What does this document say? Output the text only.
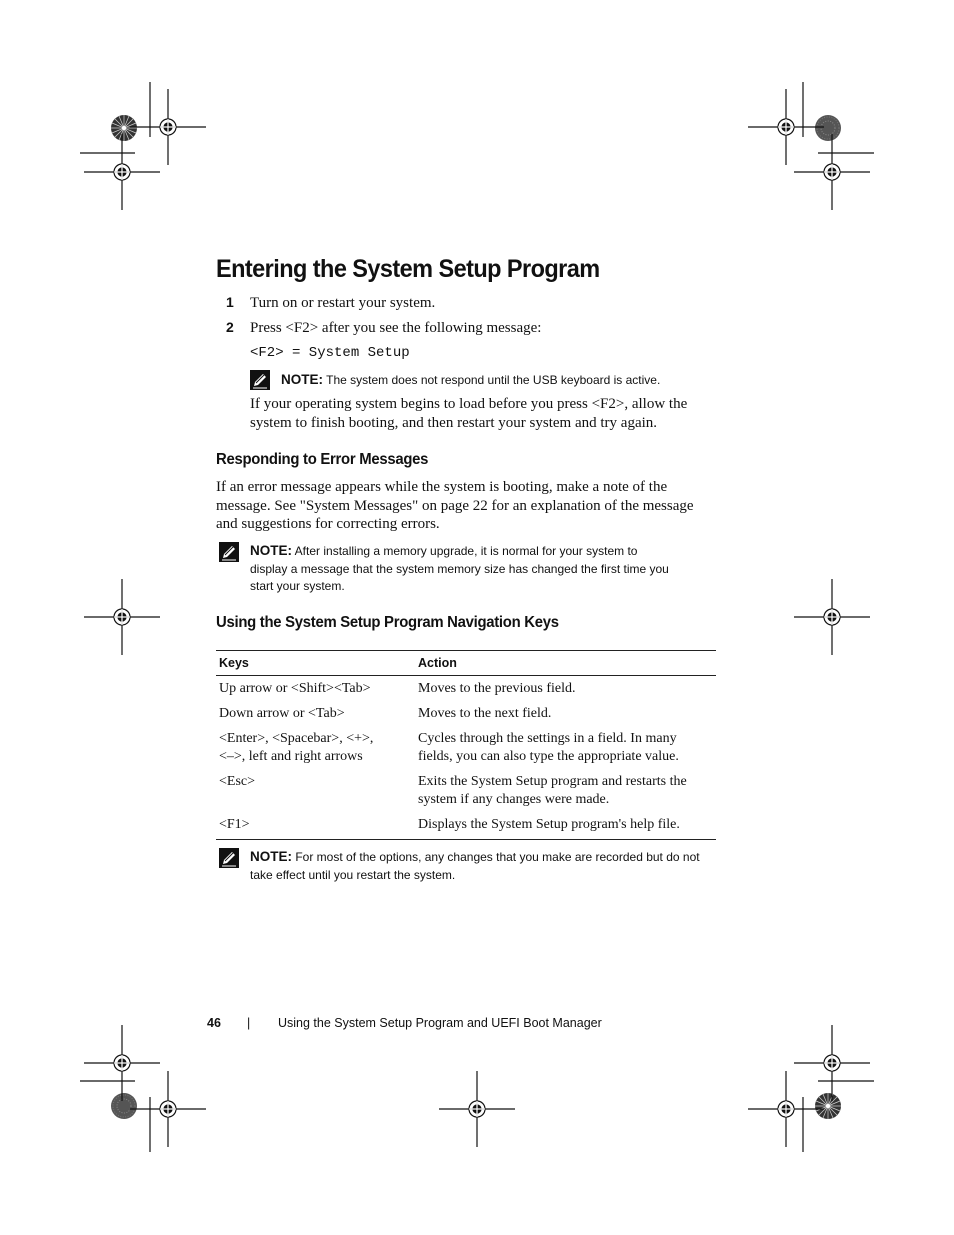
Entering the System Setup Program
1 Turn on or restart your system.
2 Press <F2> after you see the following message:
<F2> = System Setup
NOTE: The system does not respond until the USB keyboard is active.
If your operating system begins to load before you press <F2>, allow the
system to finish booting, and then restart your system and try again.
Responding to Error Messages
If an error message appears while the system is booting, make a note of the
message. See "System Messages" on page 22 for an explanation of the message
and suggestions for correcting errors.
NOTE: After installing a memory upgrade, it is normal for your system to
display a message that the system memory size has changed the first time you
start your system.
Using the System Setup Program Navigation Keys
Keys	Action
Up arrow or <Shift><Tab>	Moves to the previous field.
Down arrow or <Tab>	Moves to the next field.
<Enter>, <Spacebar>, <+>,
<–>, left and right arrows	Cycles through the settings in a field. In many
fields, you can also type the appropriate value.
<Esc>	Exits the System Setup program and restarts the
system if any changes were made.
<F1>	Displays the System Setup program's help file.
NOTE: For most of the options, any changes that you make are recorded but do not
take effect until you restart the system.
46 | Using the System Setup Program and UEFI Boot Manager
